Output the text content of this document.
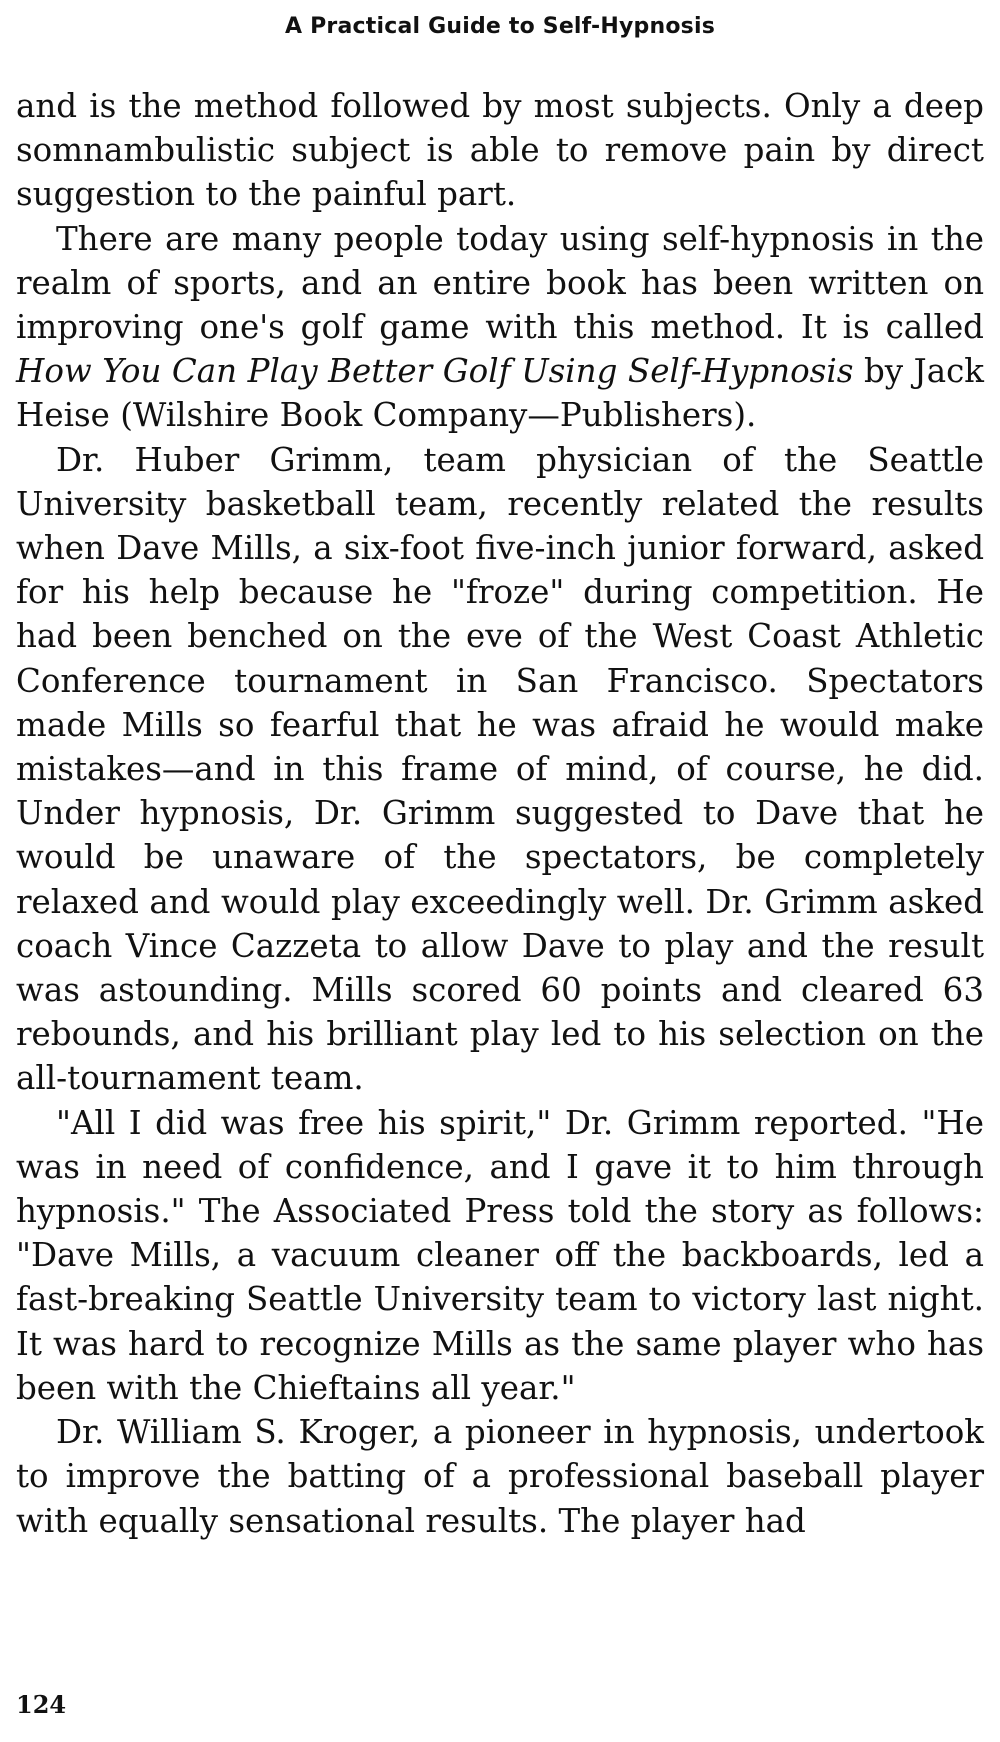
A Practical Guide to Self-Hypnosis

and is the method followed by most subjects. Only a deep somnambulistic subject is able to remove pain by direct suggestion to the painful part.

There are many people today using self-hypnosis in the realm of sports, and an entire book has been written on improving one's golf game with this method. It is called How You Can Play Better Golf Using Self-Hypnosis by Jack Heise (Wilshire Book Company—Publishers).

Dr. Huber Grimm, team physician of the Seattle University basketball team, recently related the results when Dave Mills, a six-foot five-inch junior forward, asked for his help because he "froze" during competition. He had been benched on the eve of the West Coast Athletic Conference tournament in San Francisco. Spectators made Mills so fearful that he was afraid he would make mistakes—and in this frame of mind, of course, he did. Under hypnosis, Dr. Grimm suggested to Dave that he would be unaware of the spectators, be completely relaxed and would play exceedingly well. Dr. Grimm asked coach Vince Cazzeta to allow Dave to play and the result was astounding. Mills scored 60 points and cleared 63 rebounds, and his brilliant play led to his selection on the all-tournament team.

"All I did was free his spirit," Dr. Grimm reported. "He was in need of confidence, and I gave it to him through hypnosis." The Associated Press told the story as follows: "Dave Mills, a vacuum cleaner off the backboards, led a fast-breaking Seattle University team to victory last night. It was hard to recognize Mills as the same player who has been with the Chieftains all year."

Dr. William S. Kroger, a pioneer in hypnosis, undertook to improve the batting of a professional baseball player with equally sensational results. The player had

124
